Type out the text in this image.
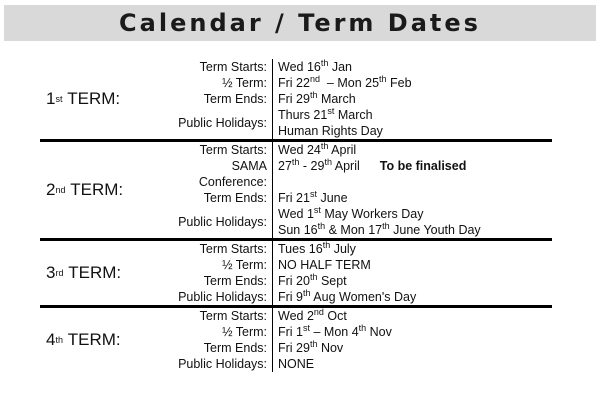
Calendar / Term Dates
1 st
TERM:
Term Starts: Wed 16th Jan
½ Term: Fri 22nd  – Mon 25th Feb
Term Ends: Fri 29th March
Public Holidays:
Thurs 21st March
Human Rights Day
2 nd
TERM:
Term Starts: Wed 24th April
SAMA Conference:
27th - 29th April To be finalised
Term Ends: Fri 21st June
Public Holidays:
Wed 1st May Workers Day
Sun 16th & Mon 17th June Youth Day
3 rd
TERM:
Term Starts: Tues 16th July
½ Term: NO HALF TERM
Term Ends: Fri 20th Sept
Public Holidays: Fri 9th Aug Women's Day
4 th
TERM:
Term Starts: Wed 2nd Oct
½ Term: Fri 1st – Mon 4th Nov
Term Ends: Fri 29th Nov
Public Holidays: NONE
